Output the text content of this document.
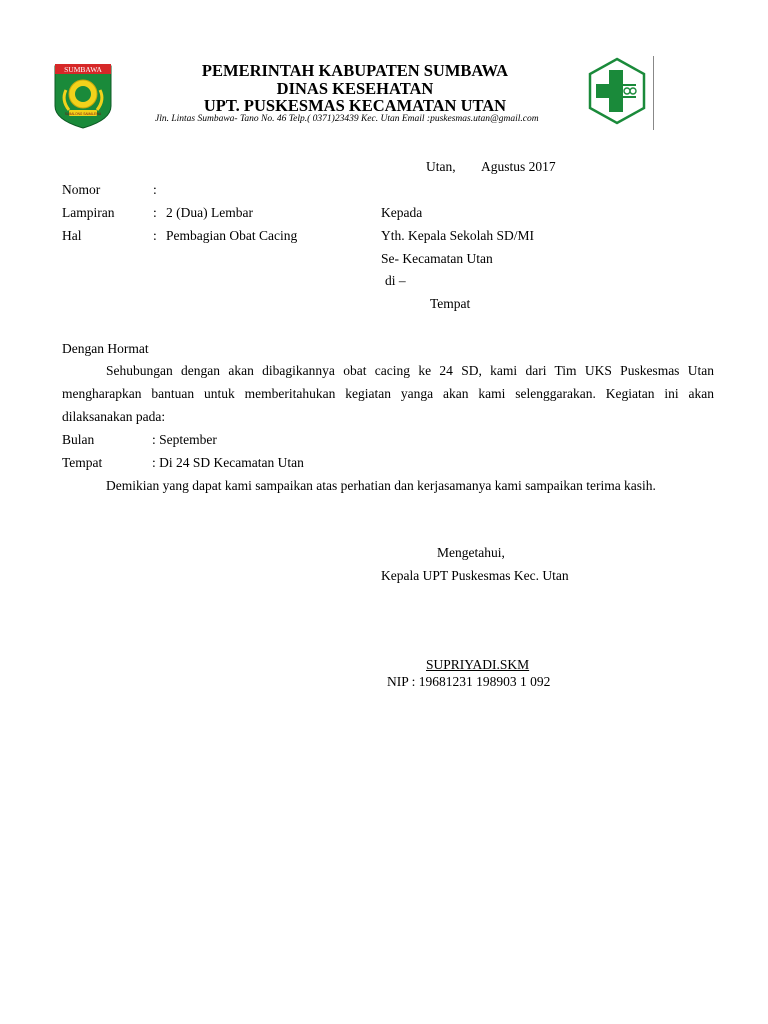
SUMBAWA
SABALONG SAMALEWA
PEMERINTAH KABUPATEN SUMBAWA
DINAS KESEHATAN
UPT. PUSKESMAS KECAMATAN UTAN
Jln. Lintas Sumbawa- Tano No. 46 Telp.( 0371)23439 Kec. Utan Email :puskesmas.utan@gmail.com
Utan, Agustus 2017
Nomor	:
Lampiran	: 2 (Dua) Lembar
Hal	: Pembagian Obat Cacing
Kepada
Yth. Kepala Sekolah SD/MI
Se- Kecamatan Utan
di –
Tempat
Dengan Hormat
Sehubungan dengan akan dibagikannya obat cacing ke 24 SD, kami dari Tim UKS Puskesmas Utan mengharapkan bantuan untuk memberitahukan kegiatan yanga akan kami selenggarakan. Kegiatan ini akan dilaksanakan pada:
Bulan	: September
Tempat	: Di 24 SD Kecamatan Utan
Demikian yang dapat kami sampaikan atas perhatian dan kerjasamanya kami sampaikan terima kasih.
Mengetahui,
Kepala UPT Puskesmas Kec. Utan
SUPRIYADI.SKM
NIP : 19681231 198903 1 092
